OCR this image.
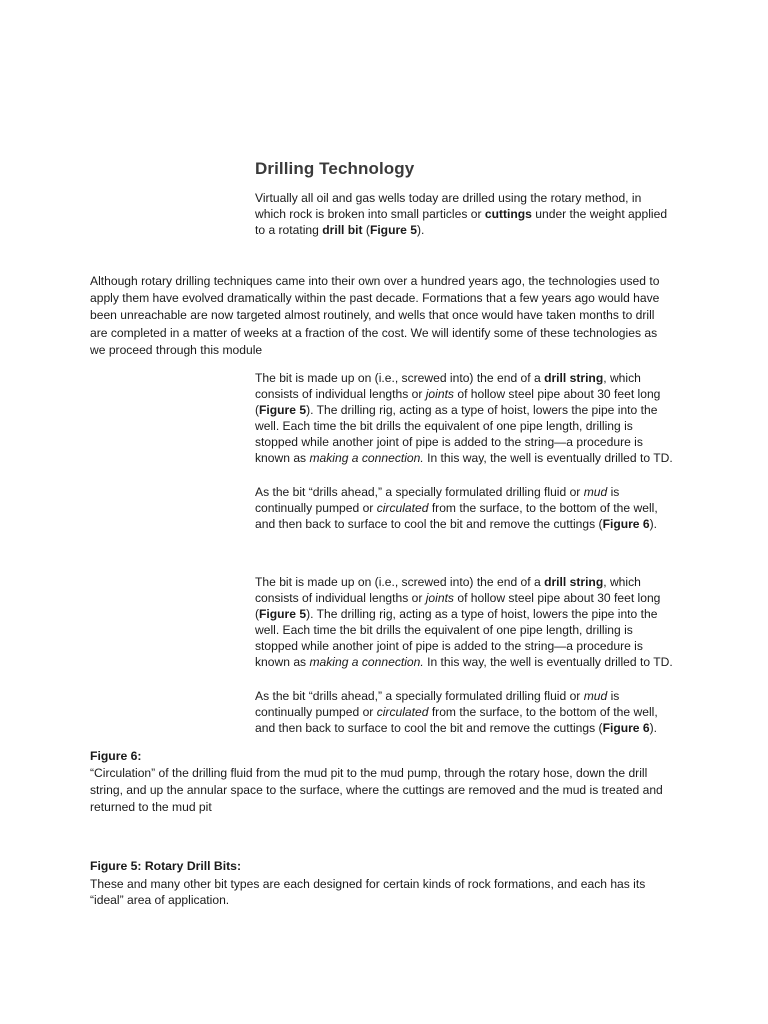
Drilling Technology

Virtually all oil and gas wells today are drilled using the rotary method, in which rock is broken into small particles or cuttings under the weight applied to a rotating drill bit (Figure 5).

Although rotary drilling techniques came into their own over a hundred years ago, the technologies used to apply them have evolved dramatically within the past decade. Formations that a few years ago would have been unreachable are now targeted almost routinely, and wells that once would have taken months to drill are completed in a matter of weeks at a fraction of the cost. We will identify some of these technologies as we proceed through this module

The bit is made up on (i.e., screwed into) the end of a drill string, which consists of individual lengths or joints of hollow steel pipe about 30 feet long (Figure 5). The drilling rig, acting as a type of hoist, lowers the pipe into the well. Each time the bit drills the equivalent of one pipe length, drilling is stopped while another joint of pipe is added to the string—a procedure is known as making a connection. In this way, the well is eventually drilled to TD.

As the bit “drills ahead,” a specially formulated drilling fluid or mud is continually pumped or circulated from the surface, to the bottom of the well, and then back to surface to cool the bit and remove the cuttings (Figure 6).

The bit is made up on (i.e., screwed into) the end of a drill string, which consists of individual lengths or joints of hollow steel pipe about 30 feet long (Figure 5). The drilling rig, acting as a type of hoist, lowers the pipe into the well. Each time the bit drills the equivalent of one pipe length, drilling is stopped while another joint of pipe is added to the string—a procedure is known as making a connection. In this way, the well is eventually drilled to TD.

As the bit “drills ahead,” a specially formulated drilling fluid or mud is continually pumped or circulated from the surface, to the bottom of the well, and then back to surface to cool the bit and remove the cuttings (Figure 6).

Figure 6:

“Circulation” of the drilling fluid from the mud pit to the mud pump, through the rotary hose, down the drill string, and up the annular space to the surface, where the cuttings are removed and the mud is treated and returned to the mud pit

Figure 5: Rotary Drill Bits:

These and many other bit types are each designed for certain kinds of rock formations, and each has its “ideal” area of application.
